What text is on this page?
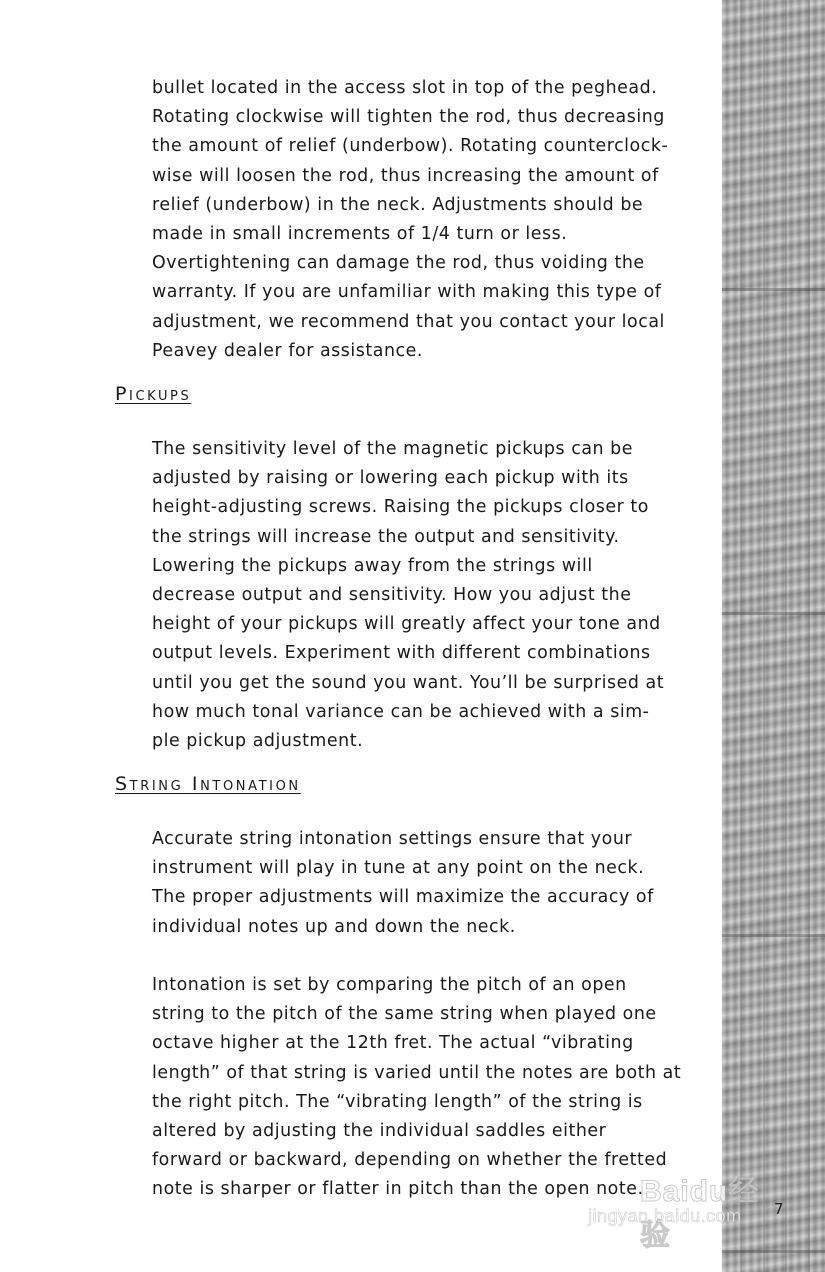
bullet located in the access slot in top of the peghead.
Rotating clockwise will tighten the rod, thus decreasing
the amount of relief (underbow). Rotating counterclock-
wise will loosen the rod, thus increasing the amount of
relief (underbow) in the neck. Adjustments should be
made in small increments of 1/4 turn or less.
Overtightening can damage the rod, thus voiding the
warranty. If you are unfamiliar with making this type of
adjustment, we recommend that you contact your local
Peavey dealer for assistance.

Pickups

The sensitivity level of the magnetic pickups can be
adjusted by raising or lowering each pickup with its
height-adjusting screws. Raising the pickups closer to
the strings will increase the output and sensitivity.
Lowering the pickups away from the strings will
decrease output and sensitivity. How you adjust the
height of your pickups will greatly affect your tone and
output levels. Experiment with different combinations
until you get the sound you want. You’ll be surprised at
how much tonal variance can be achieved with a sim-
ple pickup adjustment.

String Intonation

Accurate string intonation settings ensure that your
instrument will play in tune at any point on the neck.
The proper adjustments will maximize the accuracy of
individual notes up and down the neck.

Intonation is set by comparing the pitch of an open
string to the pitch of the same string when played one
octave higher at the 12th fret. The actual “vibrating
length” of that string is varied until the notes are both at
the right pitch. The “vibrating length” of the string is
altered by adjusting the individual saddles either
forward or backward, depending on whether the fretted
note is sharper or flatter in pitch than the open note.

7
Baidu经验
jingyan.baidu.com
